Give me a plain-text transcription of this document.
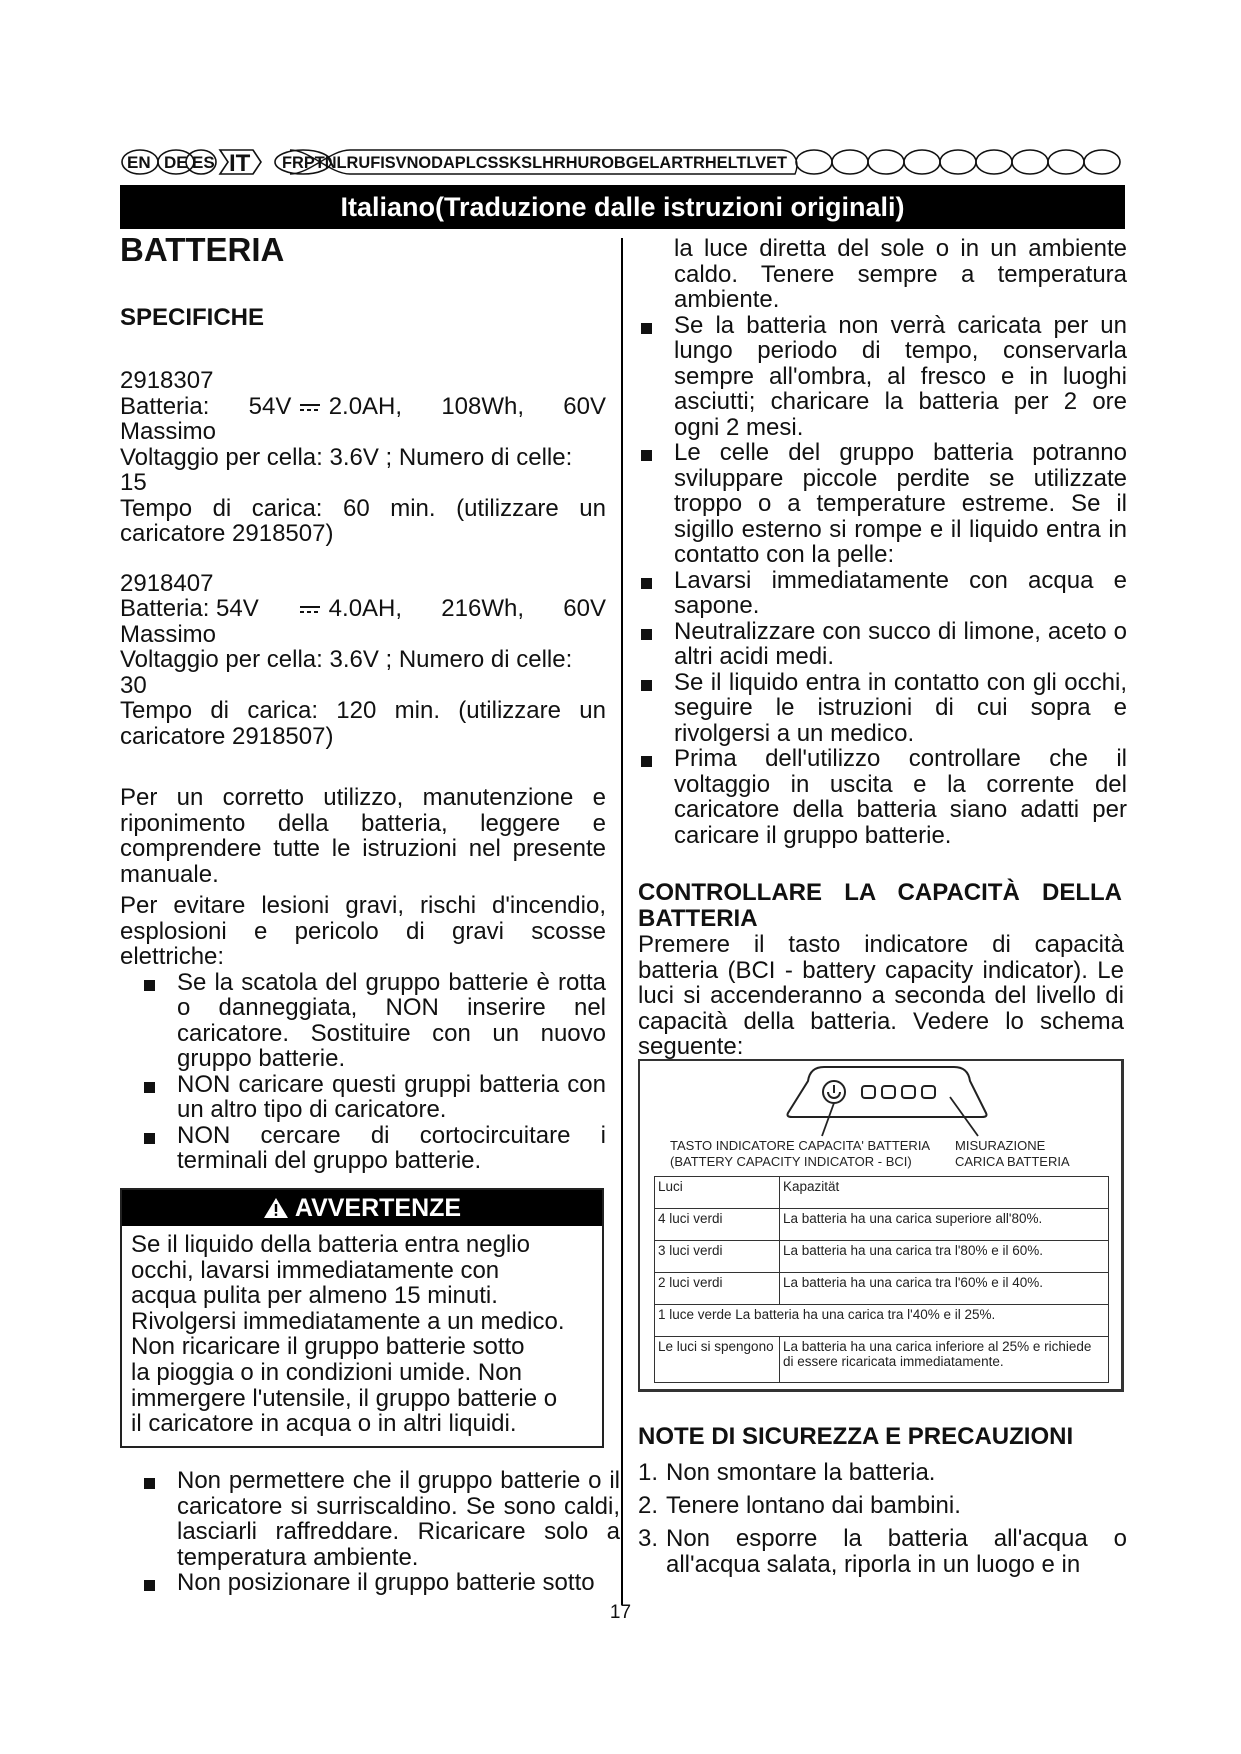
EN DE ES IT FRPTNLRUFISVNODAPLCSSKSLHRHUROBGELARTRHELTLVET
Italiano(Traduzione dalle istruzioni originali)
BATTERIA
SPECIFICHE

2918307

Batteria: 54V 2.0AH, 108Wh, 60V

Massimo

Voltaggio per cella: 3.6V ; Numero di celle:

15

Tempo di carica: 60 min. (utilizzare un

caricatore 2918507)

2918407

Batteria: 54V	4.0AH, 216Wh, 60V

Massimo

Voltaggio per cella: 3.6V ; Numero di celle:

30

Tempo di carica: 120 min. (utilizzare un

caricatore 2918507)

Per un corretto utilizzo, manutenzione e riponimento della batteria, leggere e comprendere tutte le istruzioni nel presente manuale.

Per evitare lesioni gravi, rischi d'incendio, esplosioni e pericolo di gravi scosse elettriche:

Se la scatola del gruppo batterie è rotta o danneggiata, NON inserire nel caricatore. Sostituire con un nuovo gruppo batterie.
NON caricare questi gruppi batteria con un altro tipo di caricatore.
NON cercare di cortocircuitare i terminali del gruppo batterie.
AVVERTENZE

Se il liquido della batteria entra neglio

occhi, lavarsi immediatamente con

acqua pulita per almeno 15 minuti.

Rivolgersi immediatamente a un medico.

Non ricaricare il gruppo batterie sotto

la pioggia o in condizioni umide. Non

immergere l'utensile, il gruppo batterie o

il caricatore in acqua o in altri liquidi.

Non permettere che il gruppo batterie o il caricatore si surriscaldino. Se sono caldi, lasciarli raffreddare. Ricaricare solo a temperatura ambiente.
Non posizionare il gruppo batterie sotto

la luce diretta del sole o in un ambiente caldo. Tenere sempre a temperatura ambiente.

Se la batteria non verrà caricata per un lungo periodo di tempo, conservarla sempre all'ombra, al fresco e in luoghi asciutti; charicare la batteria per 2 ore ogni 2 mesi.
Le celle del gruppo batteria potranno sviluppare piccole perdite se utilizzate troppo o a temperature estreme. Se il sigillo esterno si rompe e il liquido entra in contatto con la pelle:
Lavarsi immediatamente con acqua e sapone.
Neutralizzare con succo di limone, aceto o altri acidi medi.
Se il liquido entra in contatto con gli occhi, seguire le istruzioni di cui sopra e rivolgersi a un medico.
Prima dell'utilizzo controllare che il voltaggio in uscita e la corrente del caricatore della batteria siano adatti per caricare il gruppo batterie.
CONTROLLARE LA CAPACITÀ DELLA BATTERIA

Premere il tasto indicatore di capacità batteria (BCI - battery capacity indicator). Le luci si accenderanno a seconda del livello di capacità della batteria. Vedere lo schema seguente:

TASTO INDICATORE CAPACITA' BATTERIA
(BATTERY CAPACITY INDICATOR - BCI)
MISURAZIONE
CARICA BATTERIA
Luci	Kapazität
4 luci verdi	La batteria ha una carica superiore all'80%.
3 luci verdi	La batteria ha una carica tra l'80% e il 60%.
2 luci verdi	La batteria ha una carica tra l'60% e il 40%.
1 luce verde La batteria ha una carica tra l'40% e il 25%.	
Le luci si spengono	La batteria ha una carica inferiore al 25% e richiede di essere ricaricata immediatamente.
NOTE DI SICUREZZA E PRECAUZIONI
1. Non smontare la batteria.
2. Tenere lontano dai bambini.
3. Non esporre la batteria all'acqua o all'acqua salata, riporla in un luogo e in
17
